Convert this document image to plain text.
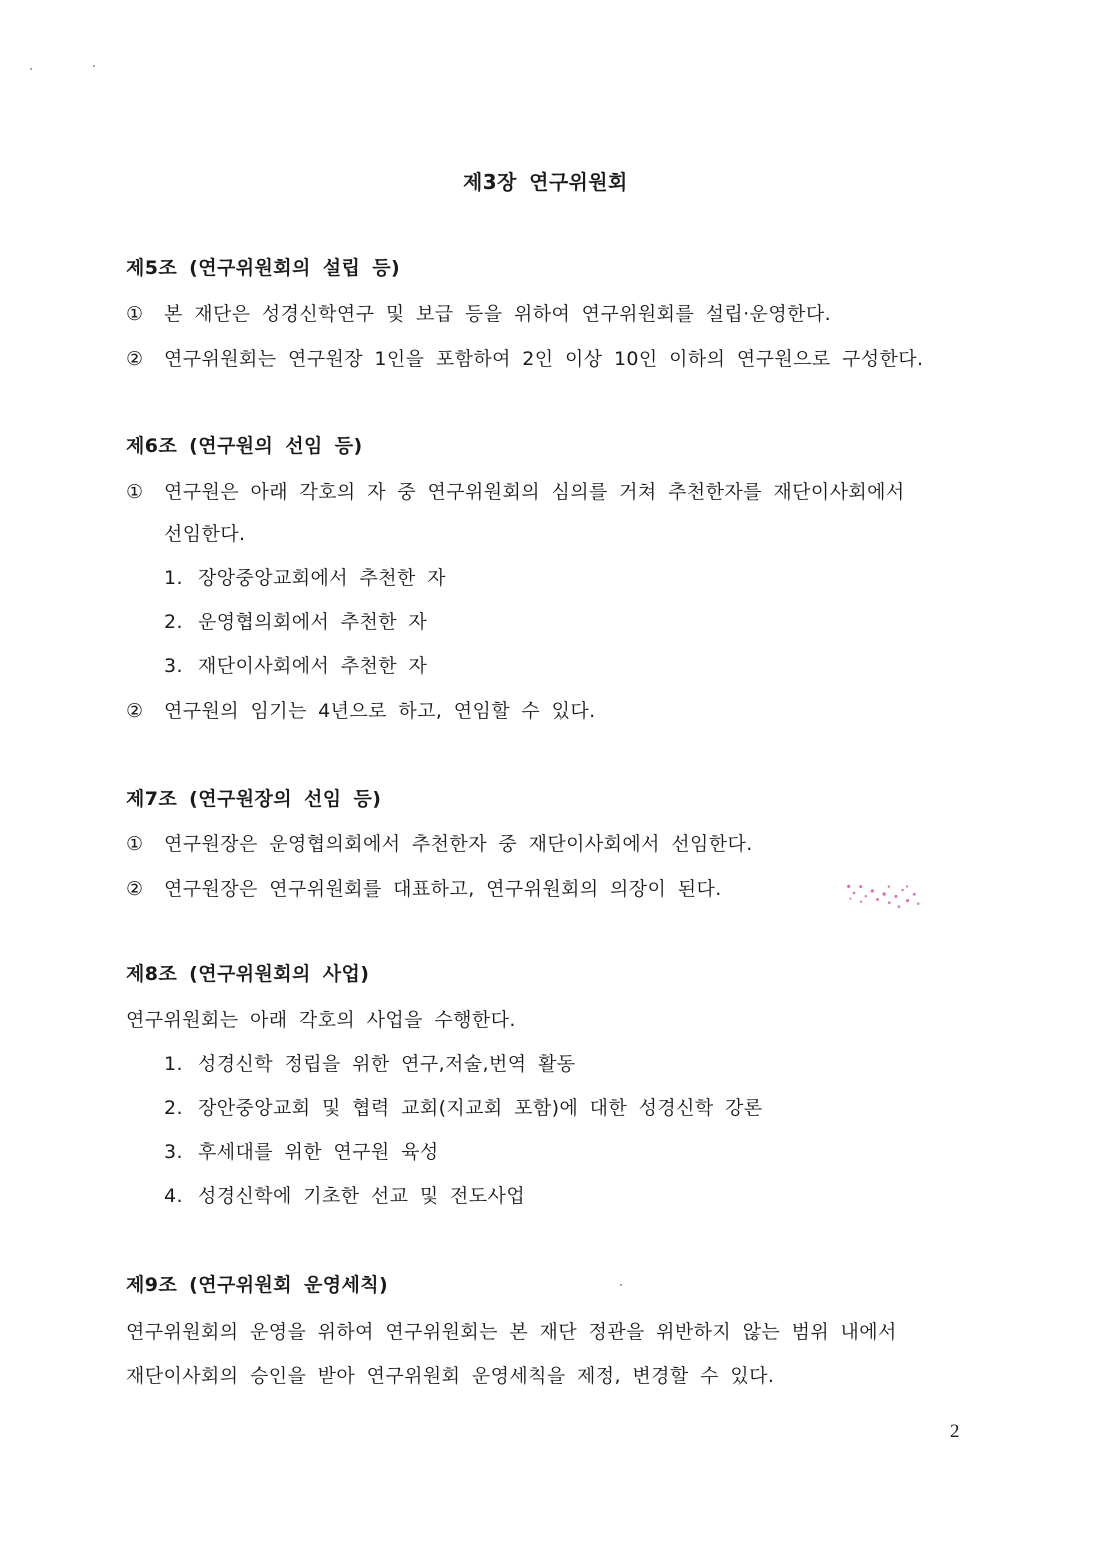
제3장 연구위원회
제5조 (연구위원회의 설립 등)
① 본 재단은 성경신학연구 및 보급 등을 위하여 연구위원회를 설립·운영한다.
② 연구위원회는 연구원장 1인을 포함하여 2인 이상 10인 이하의 연구원으로 구성한다.
제6조 (연구원의 선임 등)
① 연구원은 아래 각호의 자 중 연구위원회의 심의를 거쳐 추천한자를 재단이사회에서
선임한다.
1. 장앙중앙교회에서 추천한 자
2. 운영협의회에서 추천한 자
3. 재단이사회에서 추천한 자
② 연구원의 임기는 4년으로 하고, 연임할 수 있다.
제7조 (연구원장의 선임 등)
① 연구원장은 운영협의회에서 추천한자 중 재단이사회에서 선임한다.
② 연구원장은 연구위원회를 대표하고, 연구위원회의 의장이 된다.
제8조 (연구위원회의 사업)
연구위원회는 아래 각호의 사업을 수행한다.
1. 성경신학 정립을 위한 연구,저술,번역 활동
2. 장안중앙교회 및 협력 교회(지교회 포함)에 대한 성경신학 강론
3. 후세대를 위한 연구원 육성
4. 성경신학에 기초한 선교 및 전도사업
제9조 (연구위원회 운영세칙)
연구위원회의 운영을 위하여 연구위원회는 본 재단 정관을 위반하지 않는 범위 내에서
재단이사회의 승인을 받아 연구위원회 운영세칙을 제정, 변경할 수 있다.
2
